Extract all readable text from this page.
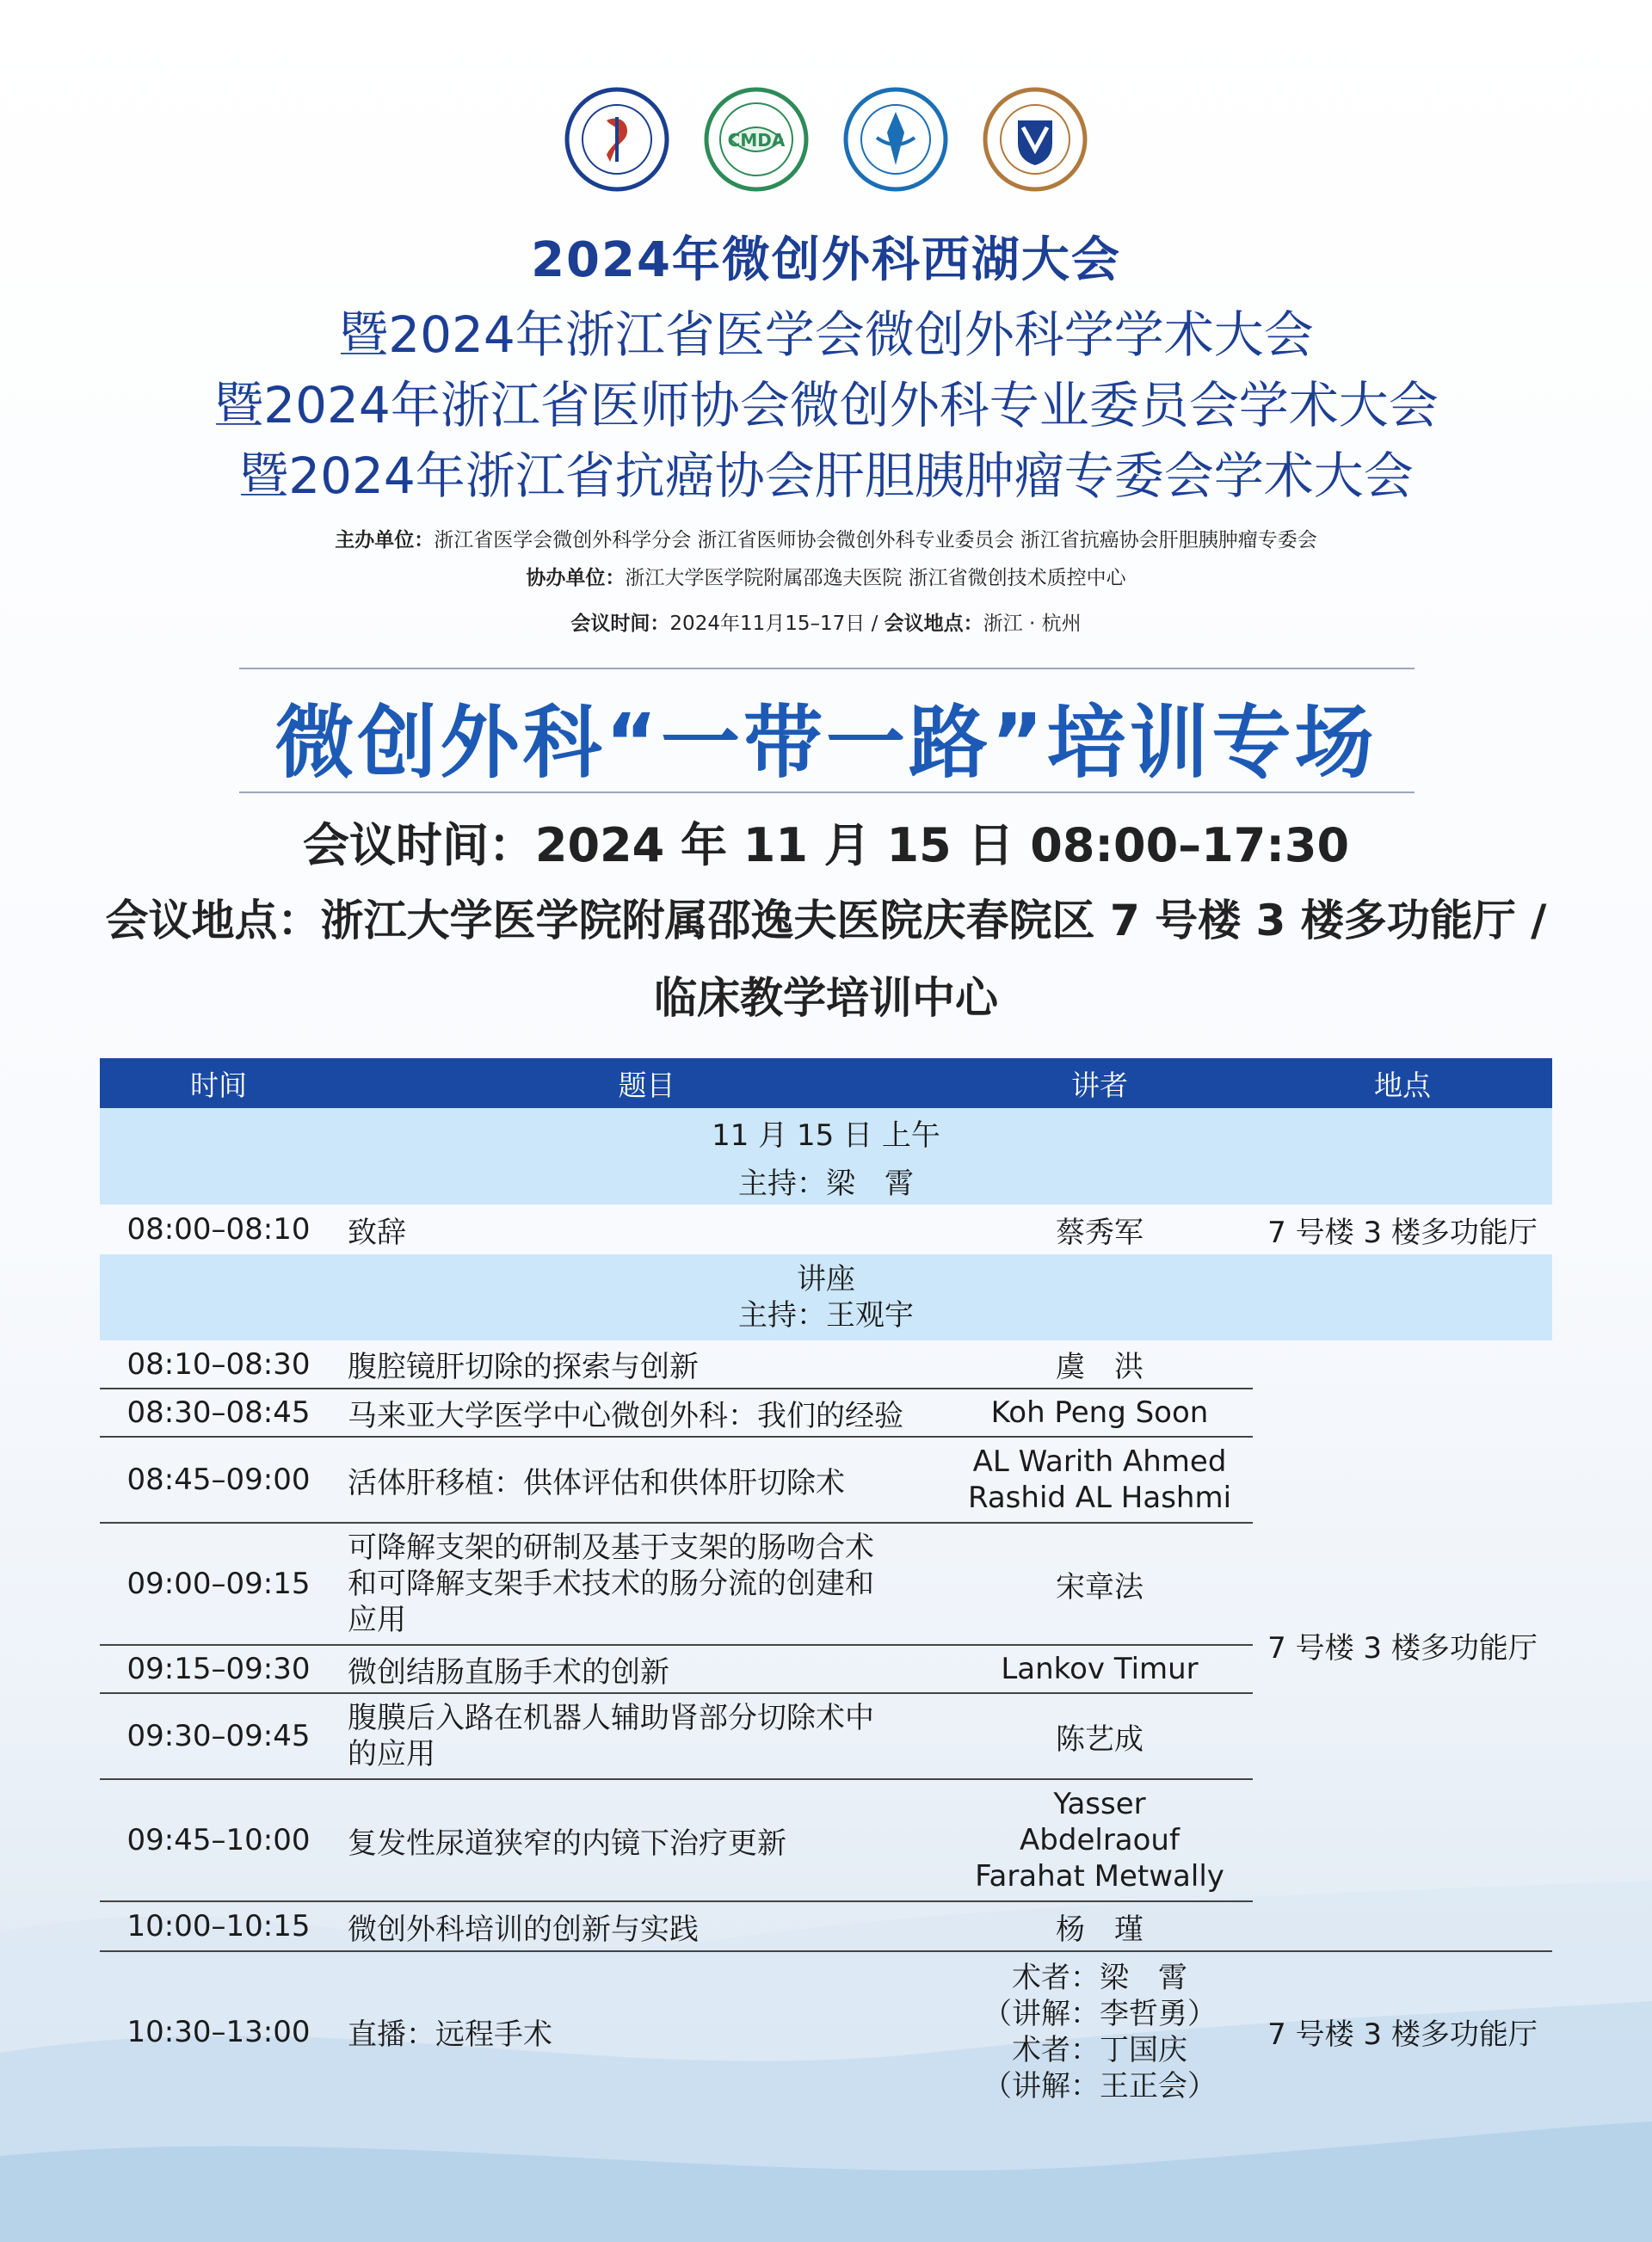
CMDA
2024年微创外科西湖大会
暨2024年浙江省医学会微创外科学学术大会
暨2024年浙江省医师协会微创外科专业委员会学术大会
暨2024年浙江省抗癌协会肝胆胰肿瘤专委会学术大会
主办单位：浙江省医学会微创外科学分会 浙江省医师协会微创外科专业委员会 浙江省抗癌协会肝胆胰肿瘤专委会
协办单位：浙江大学医学院附属邵逸夫医院 浙江省微创技术质控中心
会议时间：2024年11月15–17日 / 会议地点：浙江 · 杭州
微创外科“一带一路”培训专场
会议时间：2024 年 11 月 15 日 08:00–17:30
会议地点：浙江大学医学院附属邵逸夫医院庆春院区 7 号楼 3 楼多功能厅 /
临床教学培训中心
时间	题目	讲者	地点
11 月 15 日 上午			
主持：梁　霄			
08:00–08:10	致辞	蔡秀军	7 号楼 3 楼多功能厅

讲座
主持：王观宇			

08:10–08:30	腹腔镜肝切除的探索与创新	虞　洪	7 号楼 3 楼多功能厅
08:30–08:45	马来亚大学医学中心微创外科：我们的经验	Koh Peng Soon	
08:45–09:00	活体肝移植：供体评估和供体肝切除术	AL Warith Ahmed
Rashid AL Hashmi	

09:00–09:15	可降解支架的研制及基于支架的肠吻合术
和可降解支架手术技术的肠分流的创建和
应用	宋章法	
09:15–09:30	微创结肠直肠手术的创新	Lankov Timur	
09:30–09:45	腹膜后入路在机器人辅助肾部分切除术中
的应用	陈艺成	
09:45–10:00	复发性尿道狭窄的内镜下治疗更新	Yasser
Abdelraouf
Farahat Metwally	

10:00–10:15	微创外科培训的创新与实践	杨　瑾	
10:30–13:00	直播：远程手术	术者：梁　霄
（讲解：李哲勇）
术者：丁国庆
（讲解：王正会）	7 号楼 3 楼多功能厅
